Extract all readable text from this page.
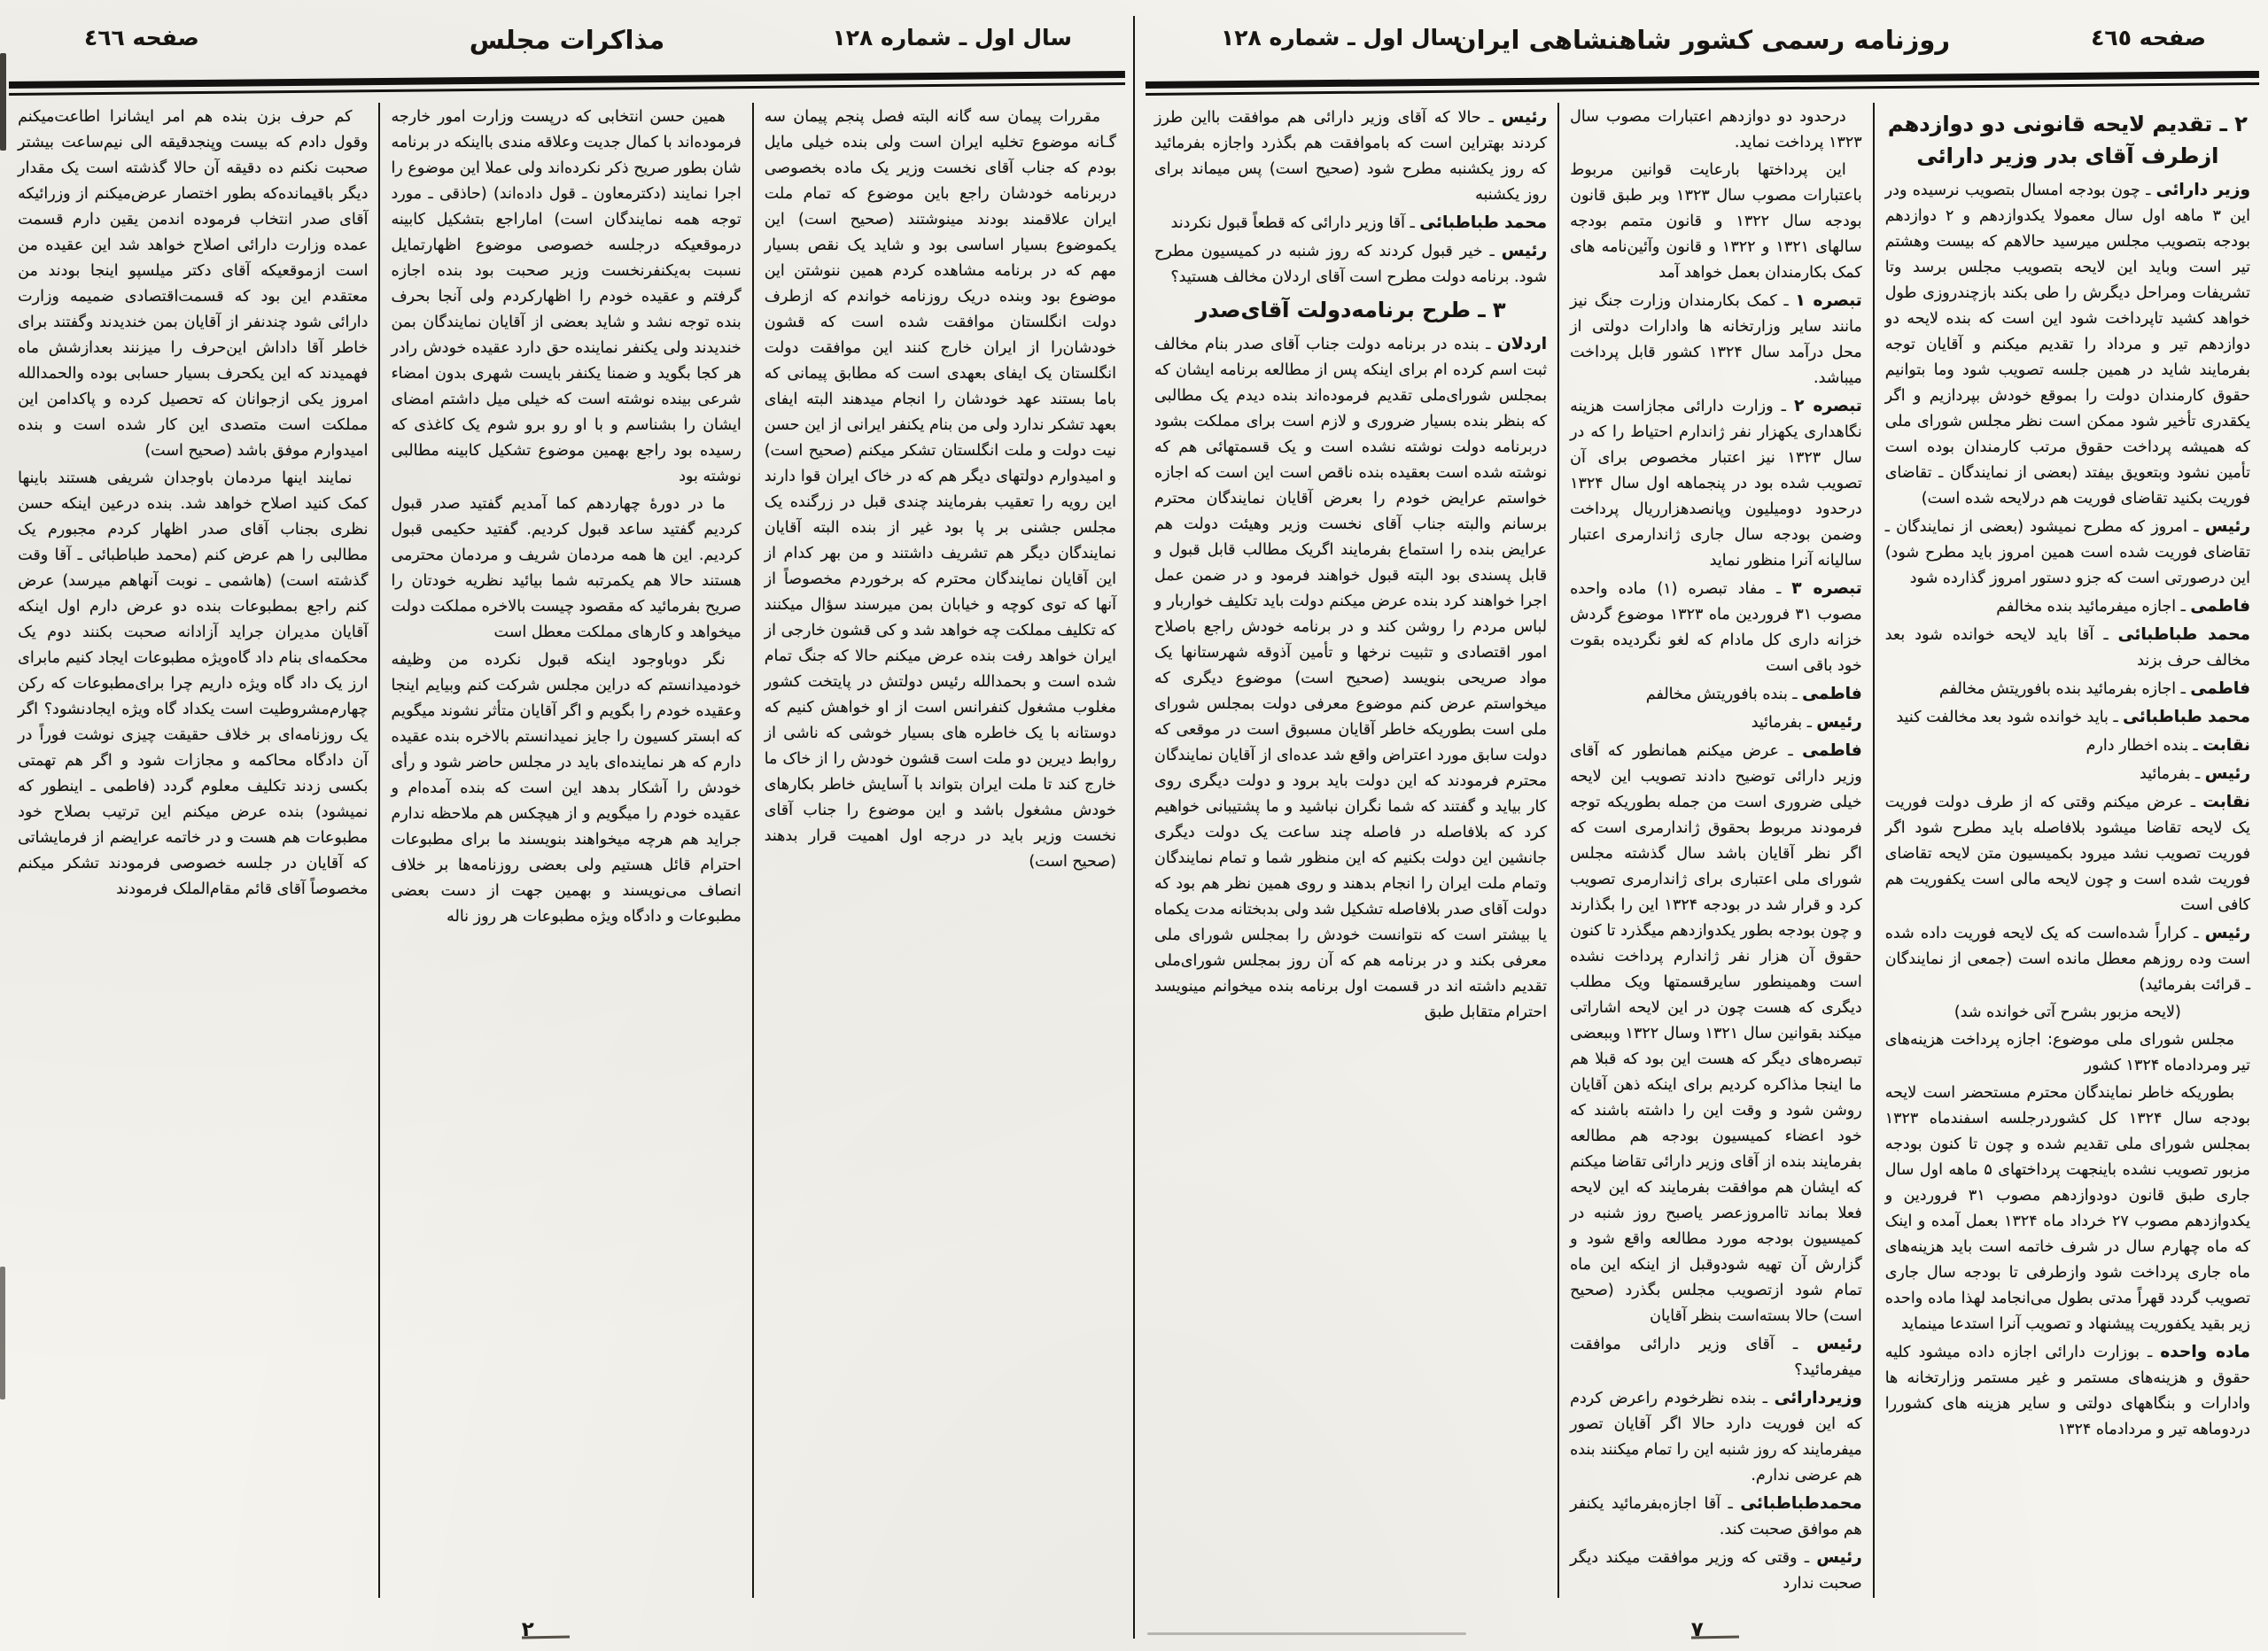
سال اول ـ شماره ۱۲۸
مذاکرات مجلس
صفحه ٤٦٦

مقررات پیمان سه گانه البته فصل پنجم پیمان سه گـانه موضوع تخلیه ایران است ولی بنده خیلی مایل بودم که جناب آقای نخست وزیر یک ماده بخصوصی دربرنامه خودشان راجع باین موضوع که تمام ملت ایران علاقمند بودند مینوشتند (صحیح است) این یکموضوع بسیار اساسی بود و شاید یک نقص بسیار مهم که در برنامه مشاهده کردم همین ننوشتن این موضوع بود وبنده دریک روزنامه خواندم که ازطرف دولت انگلستان موافقت شده است که قشون خودشان‌را از ایران خارج کنند این موافقت دولت انگلستان یک ایفای بعهدی است که مطابق پیمانی که باما بستند عهد خودشان را انجام میدهند البته ایفای بعهد تشکر ندارد ولی من بنام یکنفر ایرانی از این حسن نیت دولت و ملت انگلستان تشکر میکنم (صحیح است) و امیدوارم دولتهای دیگر هم که در خاک ایران قوا دارند این رویه را تعقیب بفرمایند چندی قبل در زرگنده یک مجلس جشنی بر پا بود غیر از بنده البته آقایان نمایندگان دیگر هم تشریف داشتند و من بهر کدام از این آقایان نمایندگان محترم که برخوردم مخصوصاً از آنها که توی کوچه و خیابان بمن میرسند سؤال میکنند که تکلیف مملکت چه خواهد شد و کی قشون خارجی از ایران خواهد رفت بنده عرض میکنم حالا که جنگ تمام شده است و بحمدالله رئیس دولتش در پایتخت کشور مغلوب مشغول کنفرانس است از او خواهش کنیم که دوستانه با یک خاطره های بسیار خوشی که ناشی از روابط دیرین دو ملت است قشون خودش را از خاک ما خارج کند تا ملت ایران بتواند با آسایش خاطر بکارهای خودش مشغول باشد و این موضوع را جناب آقای نخست وزیر باید در درجه اول اهمیت قرار بدهند (صحیح است)

همین حسن انتخابی که درپست وزارت امور خارجه فرموده‌اند با کمال جدیت وعلاقه مندی بااینکه در برنامه شان بطور صریح ذکر نکرده‌اند ولی عملا این موضوع را اجرا نمایند (دکترمعاون ـ قول داده‌اند) (حاذقی ـ مورد توجه همه نمایندگان است) اماراجع بتشکیل کابینه درموقعیکه درجلسه خصوصی موضوع اظهارتمایل نسبت به‌یکنفرنخست وزیر صحبت بود بنده اجازه گرفتم و عقیده خودم را اظهارکردم ولی آنجا بحرف بنده توجه نشد و شاید بعضی از آقایان نمایندگان بمن خندیدند ولی یکنفر نماینده حق دارد عقیده خودش رادر هر کجا بگوید و ضمنا یکنفر بایست شهری بدون امضاء شرعی بینده نوشته است که خیلی میل داشتم امضای ایشان را بشناسم و با او رو برو شوم یک کاغذی که رسیده بود راجع بهمین موضوع تشکیل کابینه مطالبی نوشته بود

ما در دورهٔ چهاردهم کما آمدیم گفتید صدر قبول کردیم گفتید ساعد قبول کردیم. گفتید حکیمی قبول کردیم. این ها همه مردمان شریف و مردمان محترمی هستند حالا هم یکمرتبه شما بیائید نظریه خودتان را صریح بفرمائید که مقصود چیست بالاخره مملکت دولت میخواهد و کارهای مملکت معطل است

نگر دوباوجود اینکه قبول نکرده من وظیفه خودمیدانستم که دراین مجلس شرکت کنم وبیایم اینجا وعقیده خودم را بگویم و اگر آقایان متأثر نشوند میگویم که ابستر کسیون را جایز نمیدانستم بالاخره بنده عقیده دارم که هر نماینده‌ای باید در مجلس حاضر شود و رأی خودش را آشکار بدهد این است که بنده آمده‌ام و عقیده خودم را میگویم و از هیچکس هم ملاحظه ندارم جراید هم هرچه میخواهند بنویسند ما برای مطبوعات احترام قائل هستیم ولی بعضی روزنامه‌ها بر خلاف انصاف می‌نویسند و بهمین جهت از دست بعضی مطبوعات و دادگاه ویژه مطبوعات هر روز ناله

کم حرف بزن بنده هم امر ایشانرا اطاعت‌میکنم وقول دادم که بیست وپنجدقیقه الی نیم‌ساعت بیشتر صحبت نکنم ده دقیقه آن حالا گذشته است یک مقدار دیگر باقیمانده‌که بطور اختصار عرض‌میکنم از وزرائیکه آقای صدر انتخاب فرموده اندمن یقین دارم قسمت عمده وزارت دارائی اصلاح خواهد شد این عقیده من است ازموقعیکه آقای دکتر میلسپو اینجا بودند من معتقدم این بود که قسمت‌اقتصادی ضمیمه وزارت دارائی شود چندنفر از آقایان بمن خندیدند وگفتند برای خاطر آقا داداش این‌حرف را میزنند بعدازشش ماه فهمیدند که این یکحرف بسیار حسابی بوده والحمدالله امروز یکی ازجوانان که تحصیل کرده و پاکدامن این مملکت است متصدی این کار شده است و بنده امیدوارم موفق باشد (صحیح است)

نمایند اینها مردمان باوجدان شریفی هستند باینها کمک کنید اصلاح خواهد شد. بنده درعین اینکه حسن نظری بجناب آقای صدر اظهار کردم مجبورم یک مطالبی را هم عرض کنم (محمد طباطبائی ـ آقا وقت گذشته است) (هاشمی ـ نوبت آنهاهم میرسد) عرض کنم راجع بمطبوعات بنده دو عرض دارم اول اینکه آقایان مدیران جراید آزادانه صحبت بکنند دوم یک محکمه‌ای بنام داد گاه‌ویژه مطبوعات ایجاد کنیم مابرای ارز یک داد گاه ویژه داریم چرا برای‌مطبوعات که رکن چهارم‌مشروطیت است یکداد گاه ویژه ایجادنشود؟ اگر یک روزنامه‌ای بر خلاف حقیقت چیزی نوشت فوراً در آن دادگاه محاکمه و مجازات شود و اگر هم تهمتی بکسی زدند تکلیف معلوم گردد (فاطمی ـ اینطور که نمیشود) بنده عرض میکنم این ترتیب بصلاح خود مطبوعات هم هست و در خاتمه عرایضم از فرمایشاتی که آقایان در جلسه خصوصی فرمودند تشکر میکنم مخصوصاً آقای قائم مقام‌الملک فرمودند

۲
صفحه ٤٦٥
روزنامه رسمی کشور شاهنشاهی ایران
سال اول ـ شماره ۱۲۸
۲ ـ تقدیم لایحه قانونی دو دوازدهم ازطرف آقای بدر وزیر دارائی

وزیر دارائی ـ چون بودجه امسال بتصویب نرسیده ودر این ۳ ماهه اول سال معمولا یکدوازدهم و ۲ دوازدهم بودجه بتصویب مجلس میرسید حالاهم که بیست وهشتم تیر است وباید این لایحه بتصویب مجلس برسد وتا تشریفات ومراحل دیگرش را طی بکند بازچندروزی طول خواهد کشید تاپرداخت شود این است که بنده لایحه دو دوازدهم تیر و مرداد را تقدیم میکنم و آقایان توجه بفرمایند شاید در همین جلسه تصویب شود وما بتوانیم حقوق کارمندان دولت را بموقع خودش بپردازیم و اگر یکقدری تأخیر شود ممکن است نظر مجلس شورای ملی که همیشه پرداخت حقوق مرتب کارمندان بوده است تأمین نشود وبتعویق بیفتد (بعضی از نمایندگان ـ تقاضای فوریت بکنید تقاضای فوریت هم درلایحه شده است)

رئیس ـ امروز که مطرح نمیشود (بعضی از نمایندگان ـ تقاضای فوریت شده است همین امروز باید مطرح شود) این درصورتی است که جزو دستور امروز گذارده شود

فاطمی ـ اجازه میفرمائید بنده مخالفم

محمد طباطبائی ـ آقا باید لایحه خوانده شود بعد مخالف حرف بزند

فاطمی ـ اجازه بفرمائید بنده بافوریتش مخالفم

محمد طباطبائی ـ باید خوانده شود بعد مخالفت کنید

نقابت ـ بنده اخطار دارم

رئیس ـ بفرمائید

نقابت ـ عرض میکنم وقتی که از طرف دولت فوریت یک لایحه تقاضا میشود بلافاصله باید مطرح شود اگر فوریت تصویب نشد میرود بکمیسیون متن لایحه تقاضای فوریت شده است و چون لایحه مالی است یکفوریت هم کافی است

رئیس ـ کراراً شده‌است که یک لایحه فوریت داده شده است وده روزهم معطل مانده است (جمعی از نمایندگان ـ قرائت بفرمائید)

(لایحه مزبور بشرح آتی خوانده شد)

مجلس شورای ملی موضوع: اجازه پرداخت هزینه‌های تیر ومردادماه ۱۳۲۴ کشور

بطوریکه خاطر نمایندگان محترم مستحضر است لایحه بودجه سال ۱۳۲۴ کل کشوردرجلسه اسفندماه ۱۳۲۳ بمجلس شورای ملی تقدیم شده و چون تا کنون بودجه مزبور تصویب نشده باینجهت پرداختهای ۵ ماهه اول سال جاری طبق قانون دودوازدهم مصوب ۳۱ فروردین و یکدوازدهم مصوب ۲۷ خرداد ماه ۱۳۲۴ بعمل آمده و اینک که ماه چهارم سال در شرف خاتمه است باید هزینه‌های ماه جاری پرداخت شود وازطرفی تا بودجه سال جاری تصویب گردد قهراً مدتی بطول می‌انجامد لهذا ماده واحده زیر بقید یکفوریت پیشنهاد و تصویب آنرا استدعا مینماید

ماده واحده ـ بوزارت دارائی اجازه داده میشود کلیه حقوق و هزینه‌های مستمر و غیر مستمر وزارتخانه ها وادارات و بنگاههای دولتی و سایر هزینه های کشوررا دردوماهه تیر و مردادماه ۱۳۲۴

درحدود دو دوازدهم اعتبارات مصوب سال ۱۳۲۳ پرداخت نماید.

این پرداختها بارعایت قوانین مربوط باعتبارات مصوب سال ۱۳۲۳ وبر طبق قانون بودجه سال ۱۳۲۲ و قانون متمم بودجه سالهای ۱۳۲۱ و ۱۳۲۲ و قانون وآئین‌نامه های کمک بکارمندان بعمل خواهد آمد

تبصره ۱ ـ کمک بکارمندان وزارت جنگ نیز مانند سایر وزارتخانه ها وادارات دولتی از محل درآمد سال ۱۳۲۴ کشور قابل پرداخت میباشد.

تبصره ۲ ـ وزارت دارائی مجازاست هزینه نگاهداری یکهزار نفر ژاندارم احتیاط را که در سال ۱۳۲۳ نیز اعتبار مخصوص برای آن تصویب شده بود در پنجماهه اول سال ۱۳۲۴ درحدود دومیلیون وپانصدهزارریال پرداخت وضمن بودجه سال جاری ژاندارمری اعتبار سالیانه آنرا منظور نماید

تبصره ۳ ـ مفاد تبصره (۱) ماده واحده مصوب ۳۱ فروردین ماه ۱۳۲۳ موضوع گردش خزانه داری کل مادام که لغو نگردیده بقوت خود باقی است

فاطمی ـ بنده بافوریتش مخالفم

رئیس ـ بفرمائید

فاطمی ـ عرض میکنم همانطور که آقای وزیر دارائی توضیح دادند تصویب این لایحه خیلی ضروری است من جمله بطوریکه توجه فرمودند مربوط بحقوق ژاندارمری است که اگر نظر آقایان باشد سال گذشته مجلس شورای ملی اعتباری برای ژاندارمری تصویب کرد و قرار شد در بودجه ۱۳۲۴ این را بگذارند و چون بودجه بطور یکدوازدهم میگذرد تا کنون حقوق آن هزار نفر ژاندارم پرداخت نشده است وهمینطور سایرقسمتها ویک مطلب دیگری که هست چون در این لایحه اشاراتی میکند بقوانین سال ۱۳۲۱ وسال ۱۳۲۲ وببعضی تبصره‌های دیگر که هست این بود که قبلا هم ما اینجا مذاکره کردیم برای اینکه ذهن آقایان روشن شود و وقت این را داشته باشند که خود اعضاء کمیسیون بودجه هم مطالعه بفرمایند بنده از آقای وزیر دارائی تقاضا میکنم که ایشان هم موافقت بفرمایند که این لایحه فعلا بماند تاامروزعصر یاصبح روز شنبه در کمیسیون بودجه مورد مطالعه واقع شود و گزارش آن تهیه شودوقبل از اینکه این ماه تمام شود ازتصویب مجلس بگذرد (صحیح است) حالا بسته‌است بنظر آقایان

رئیس ـ آقای وزیر دارائی موافقت میفرمائید؟

وزیردارائی ـ بنده نظرخودم راعرض کردم که این فوریت دارد حالا اگر آقایان تصور میفرمایند که روز شنبه این را تمام میکنند بنده هم عرضی ندارم.

محمدطباطبائی ـ آقا اجازه‌بفرمائید یکنفر هم موافق صحبت کند.

رئیس ـ وقتی که وزیر موافقت میکند دیگر صحبت ندارد

رئیس ـ حالا که آقای وزیر دارائی هم موافقت بااین طرز کردند بهتراین است که باموافقت هم بگذرد واجازه بفرمائید که روز یکشنبه مطرح شود (صحیح است) پس میماند برای روز یکشنبه

محمد طباطبائی ـ آقا وزیر دارائی که قطعاً قبول نکردند

رئیس ـ خیر قبول کردند که روز شنبه در کمیسیون مطرح شود. برنامه دولت مطرح است آقای اردلان مخالف هستید؟

۳ ـ طرح برنامه‌دولت آقای‌صدر

اردلان ـ بنده در برنامه دولت جناب آقای صدر بنام مخالف ثبت اسم کرده ام برای اینکه پس از مطالعه برنامه ایشان که بمجلس شورای‌ملی تقدیم فرموده‌اند بنده دیدم یک مطالبی که بنظر بنده بسیار ضروری و لازم است برای مملکت بشود دربرنامه دولت نوشته نشده است و یک قسمتهائی هم که نوشته شده است بعقیده بنده ناقص است این است که اجازه خواستم عرایض خودم را بعرض آقایان نمایندگان محترم برسانم والبته جناب آقای نخست وزیر وهیئت دولت هم عرایض بنده را استماع بفرمایند اگریک مطالب قابل قبول و قابل پسندی بود البته قبول خواهند فرمود و در ضمن عمل اجرا خواهند کرد بنده عرض میکنم دولت باید تکلیف خواربار و لباس مردم را روشن کند و در برنامه خودش راجع باصلاح امور اقتصادی و تثبیت نرخها و تأمین آذوقه شهرستانها یک مواد صریحی بنویسد (صحیح است) موضوع دیگری که میخواستم عرض کنم موضوع معرفی دولت بمجلس شورای ملی است بطوریکه خاطر آقایان مسبوق است در موقعی که دولت سابق مورد اعتراض واقع شد عده‌ای از آقایان نمایندگان محترم فرمودند که این دولت باید برود و دولت دیگری روی کار بیاید و گفتند که شما نگران نباشید و ما پشتیبانی خواهیم کرد که بلافاصله در فاصله چند ساعت یک دولت دیگری جانشین این دولت بکنیم که این منظور شما و تمام نمایندگان وتمام ملت ایران را انجام بدهند و روی همین نظر هم بود که دولت آقای صدر بلافاصله تشکیل شد ولی بدبختانه مدت یکماه یا بیشتر است که نتوانست خودش را بمجلس شورای ملی معرفی بکند و در برنامه هم که آن روز بمجلس شورای‌ملی تقدیم داشته اند در قسمت اول برنامه بنده میخوانم مینویسد احترام متقابل طبق

۷
